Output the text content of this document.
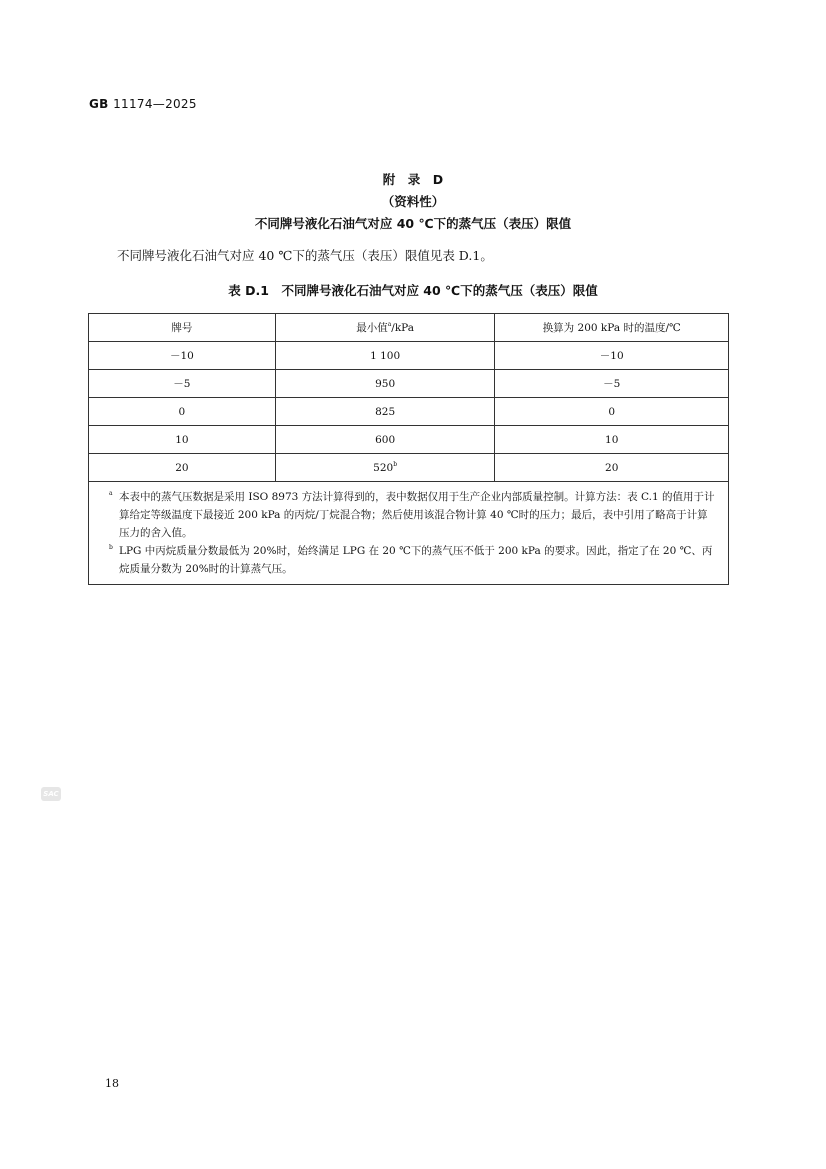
GB 11174—2025
附　录　D
（资料性）
不同牌号液化石油气对应 40 ℃下的蒸气压（表压）限值
不同牌号液化石油气对应 40 ℃下的蒸气压（表压）限值见表 D.1。
表 D.1　不同牌号液化石油气对应 40 ℃下的蒸气压（表压）限值
牌号	最小值$^a$/kPa	换算为 200 kPa 时的温度/℃
－10	1 100	－10
－5	950	－5
0	825	0
10	600	10
20	520$^b$	20

a 本表中的蒸气压数据是采用 ISO 8973 方法计算得到的，表中数据仅用于生产企业内部质量控制。计算方法：表 C.1 的值用于计算给定等级温度下最接近 200 kPa 的丙烷/丁烷混合物；然后使用该混合物计算 40 ℃时的压力；最后，表中引用了略高于计算压力的舍入值。
b LPG 中丙烷质量分数最低为 20%时，始终满足 LPG 在 20 ℃下的蒸气压不低于 200 kPa 的要求。因此，指定了在 20 ℃、丙烷质量分数为 20%时的计算蒸气压。		
SAC
18
